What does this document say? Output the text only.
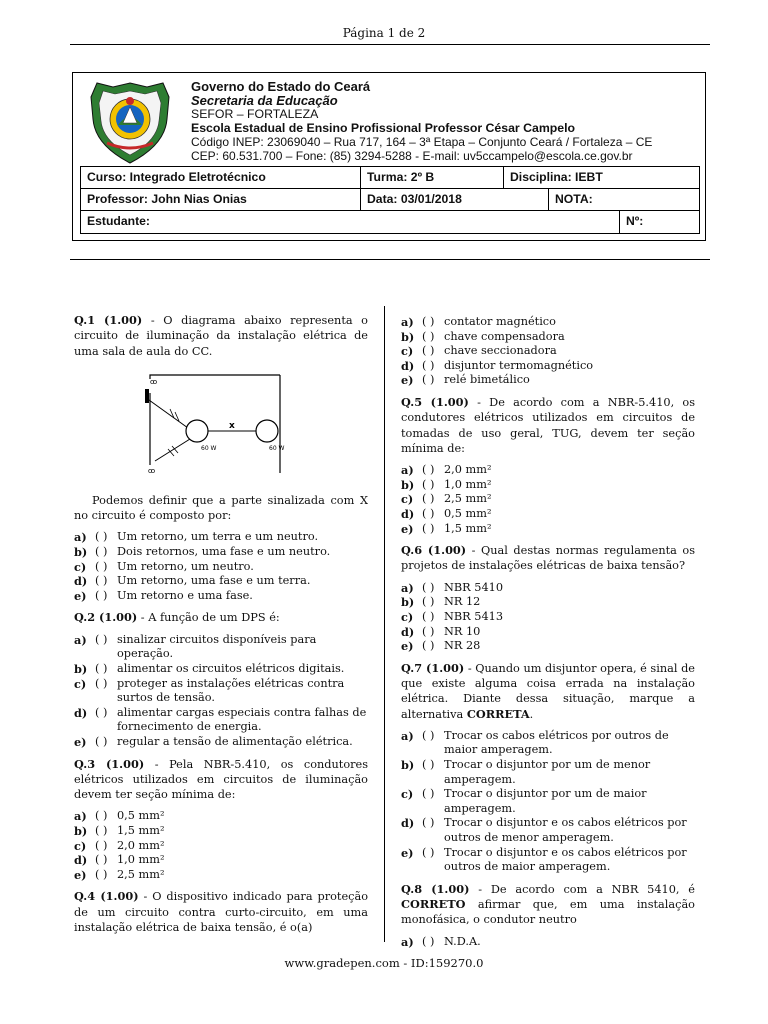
Página 1 de 2
Governo do Estado do Ceará
Secretaria da Educação
SEFOR – FORTALEZA
Escola Estadual de Ensino Profissional Professor César Campelo
Código INEP: 23069040 – Rua 717, 164 – 3ª Etapa – Conjunto Ceará / Fortaleza – CE
CEP: 60.531.700 – Fone: (85) 3294-5288 - E-mail: uv5ccampelo@escola.ce.gov.br
Curso: Integrado Eletrotécnico	Turma: 2º B	Disciplina: IEBT
Professor: John Nias Onias	Data: 03/01/2018	NOTA:
Estudante:	Nº:

Q.1 (1.00) - O diagrama abaixo representa o circuito de iluminação da instalação elétrica de uma sala de aula do CC.

ꝏ
60 W
x
60 W
ꝏ

Podemos definir que a parte sinalizada com X no circuito é composto por:

a) ( ) Um retorno, um terra e um neutro.
b) ( ) Dois retornos, uma fase e um neutro.
c) ( ) Um retorno, um neutro.
d) ( ) Um retorno, uma fase e um terra.
e) ( ) Um retorno e uma fase.

Q.2 (1.00) - A função de um DPS é:

a) ( ) sinalizar circuitos disponíveis para operação.
b) ( ) alimentar os circuitos elétricos digitais.
c) ( ) proteger as instalações elétricas contra surtos de tensão.
d) ( ) alimentar cargas especiais contra falhas de fornecimento de energia.
e) ( ) regular a tensão de alimentação elétrica.

Q.3 (1.00) - Pela NBR-5.410, os condutores elétricos utilizados em circuitos de iluminação devem ter seção mínima de:

a) ( ) 0,5 mm²
b) ( ) 1,5 mm²
c) ( ) 2,0 mm²
d) ( ) 1,0 mm²
e) ( ) 2,5 mm²

Q.4 (1.00) - O dispositivo indicado para proteção de um circuito contra curto-circuito, em uma instalação elétrica de baixa tensão, é o(a)

a) ( ) contator magnético
b) ( ) chave compensadora
c) ( ) chave seccionadora
d) ( ) disjuntor termomagnético
e) ( ) relé bimetálico

Q.5 (1.00) - De acordo com a NBR-5.410, os condutores elétricos utilizados em circuitos de tomadas de uso geral, TUG, devem ter seção mínima de:

a) ( ) 2,0 mm²
b) ( ) 1,0 mm²
c) ( ) 2,5 mm²
d) ( ) 0,5 mm²
e) ( ) 1,5 mm²

Q.6 (1.00) - Qual destas normas regulamenta os projetos de instalações elétricas de baixa tensão?

a) ( ) NBR 5410
b) ( ) NR 12
c) ( ) NBR 5413
d) ( ) NR 10
e) ( ) NR 28

Q.7 (1.00) - Quando um disjuntor opera, é sinal de que existe alguma coisa errada na instalação elétrica. Diante dessa situação, marque a alternativa CORRETA.

a) ( ) Trocar os cabos elétricos por outros de maior amperagem.
b) ( ) Trocar o disjuntor por um de menor amperagem.
c) ( ) Trocar o disjuntor por um de maior amperagem.
d) ( ) Trocar o disjuntor e os cabos elétricos por outros de menor amperagem.
e) ( ) Trocar o disjuntor e os cabos elétricos por outros de maior amperagem.

Q.8 (1.00) - De acordo com a NBR 5410, é CORRETO afirmar que, em uma instalação monofásica, o condutor neutro

a) ( ) N.D.A.
www.gradepen.com - ID:159270.0
